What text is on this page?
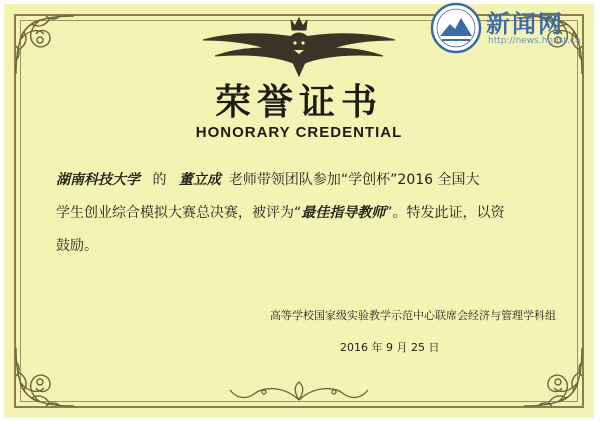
荣誉证书
HONORARY CREDENTIAL
湖南科技大学 的 董立成 老师带领团队参加“学创杯”2016 全国大
学生创业综合模拟大赛总决赛，被评为“最佳指导教师”。特发此证，以资
鼓励。
高等学校国家级实验教学示范中心联席会经济与管理学科组
2016 年 9 月 25 日
新闻网
http://news.hnust.cn
